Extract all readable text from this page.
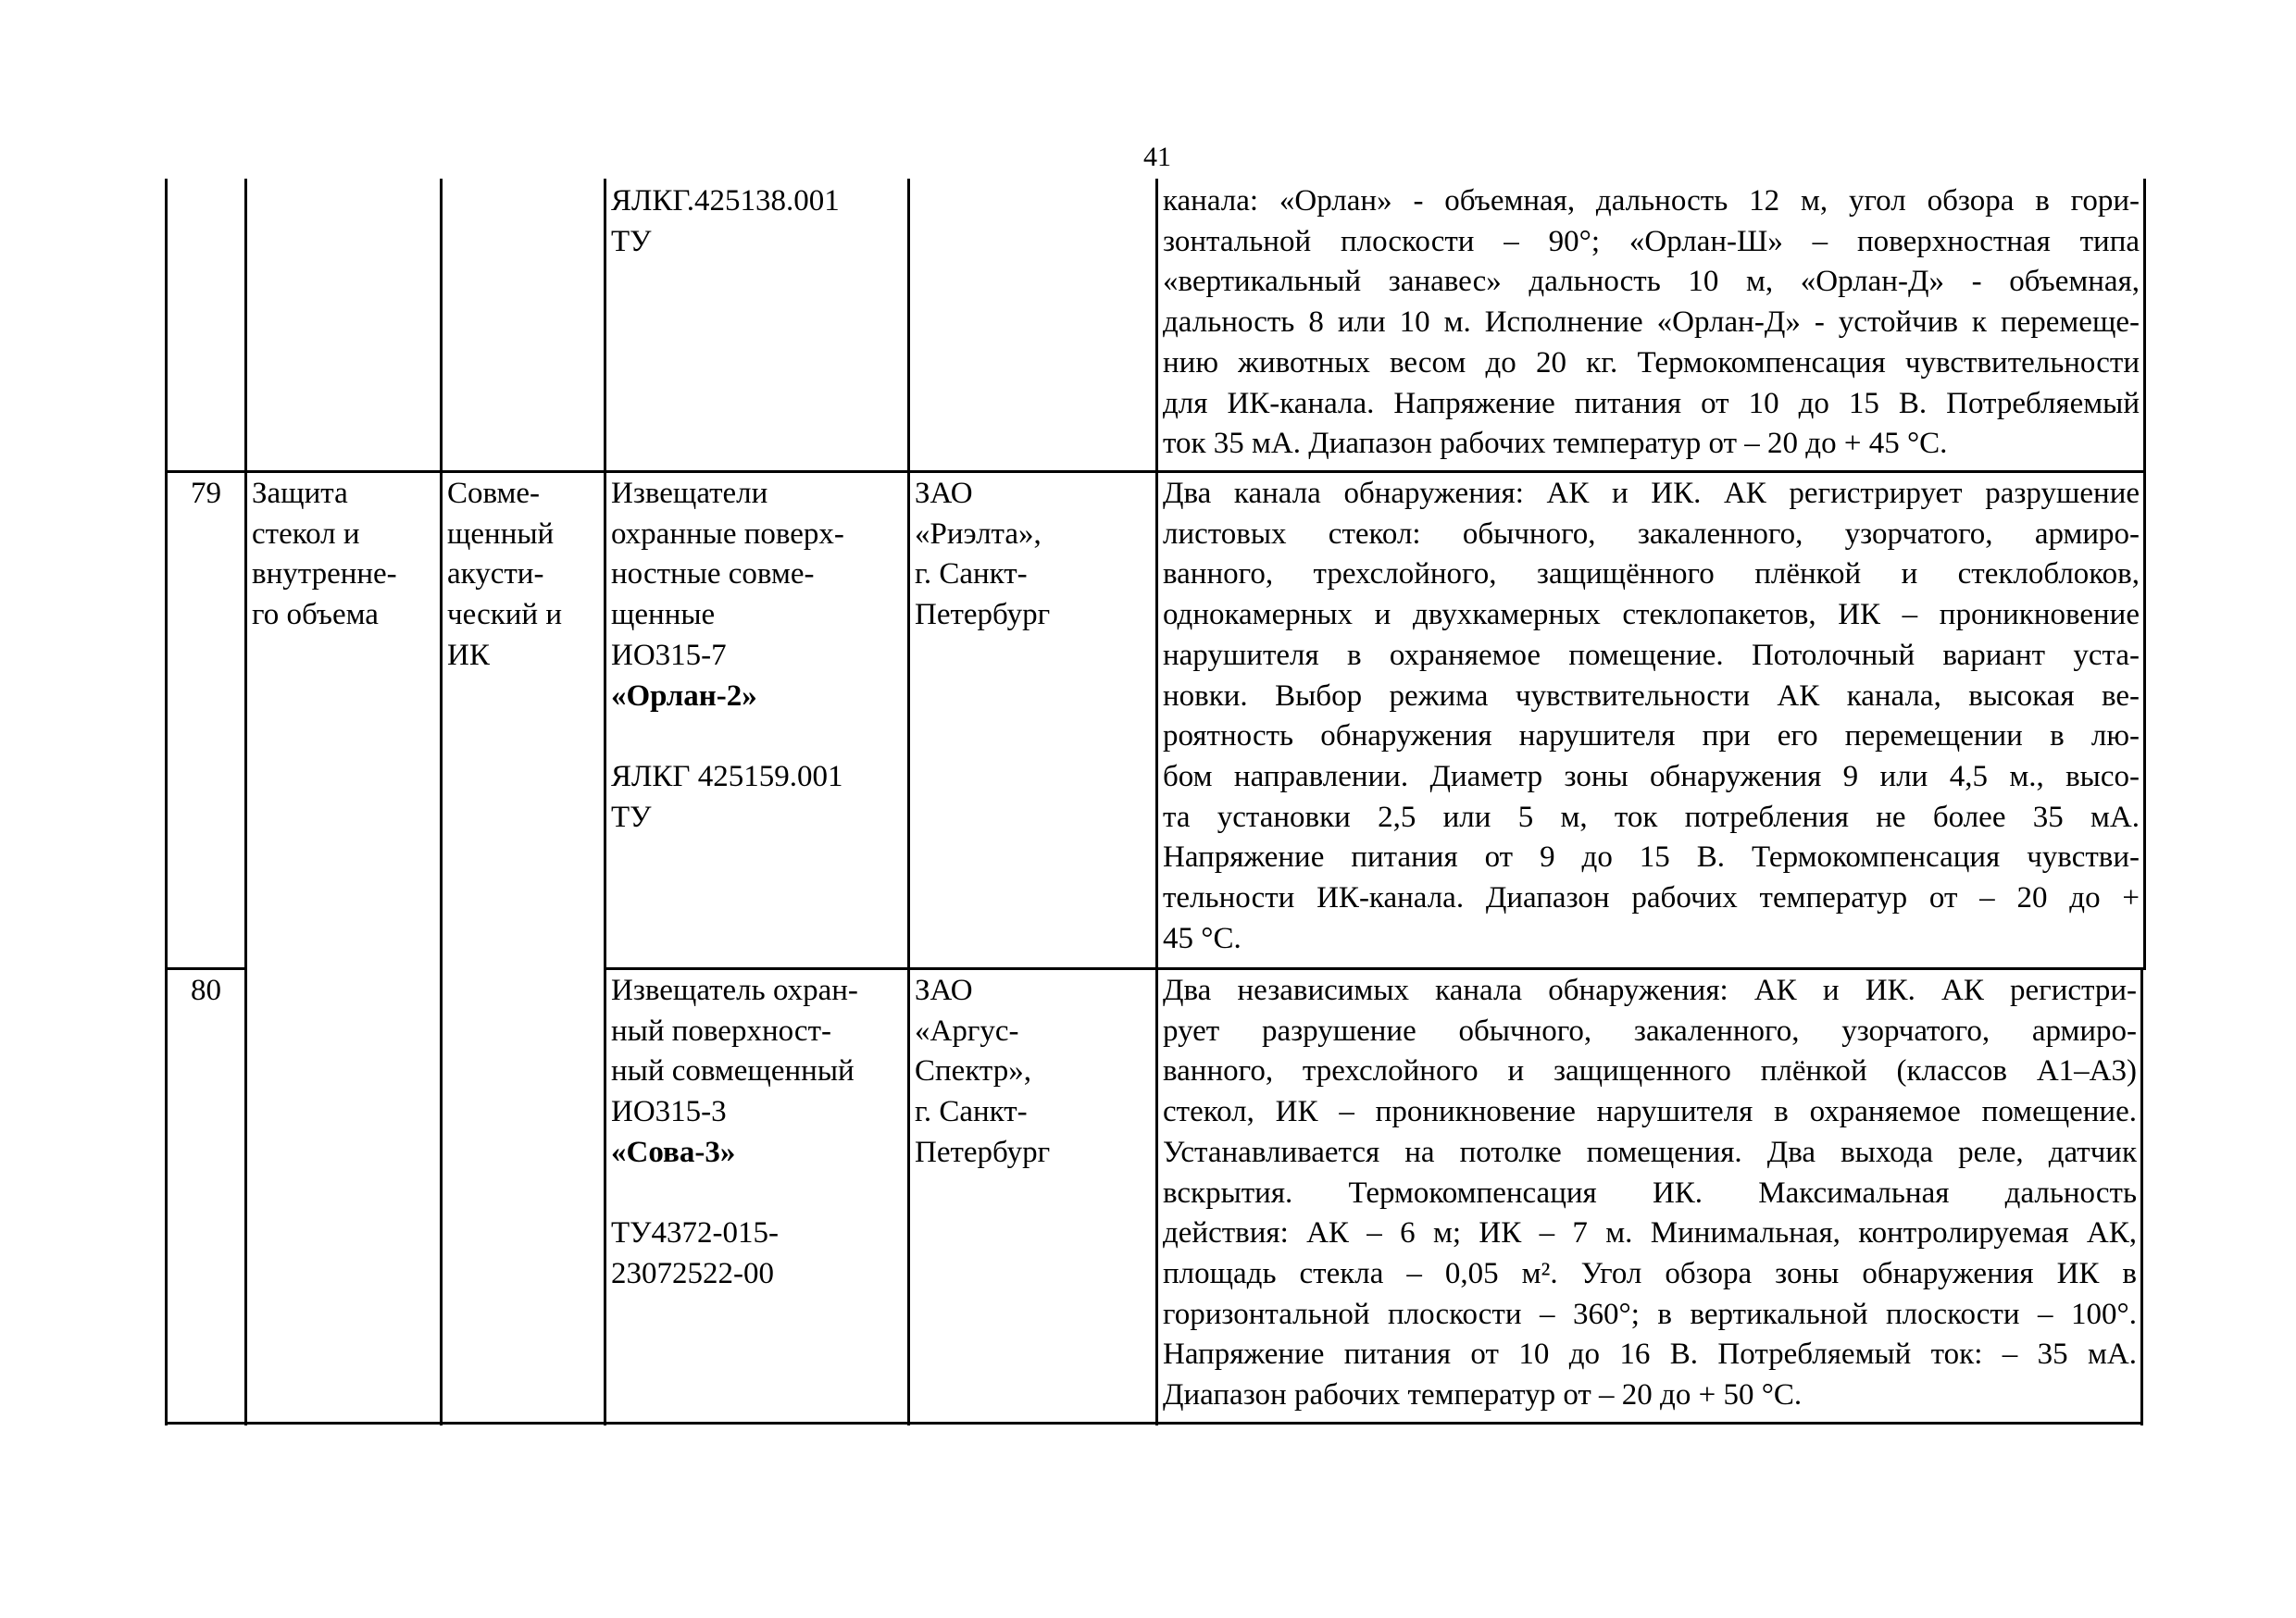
41
ЯЛКГ.425138.001
ТУ
канала: «Орлан» - объемная, дальность 12 м, угол обзора в гори-
зонтальной плоскости – 90°; «Орлан-Ш» – поверхностная типа
«вертикальный занавес» дальность 10 м, «Орлан-Д» - объемная,
дальность 8 или 10 м. Исполнение «Орлан-Д» - устойчив к перемеще-
нию животных весом до 20 кг. Термокомпенсация чувствительности
для ИК-канала. Напряжение питания от 10 до 15 В. Потребляемый
ток 35 мА. Диапазон рабочих температур от – 20 до + 45 °С.
79	Защита
стекол и
внутренне-
го объема
Совме-
щенный
акусти-
ческий и
ИК
Извещатели
охранные поверх-
ностные совме-
щенные
ИО315-7
«Орлан-2»

ЯЛКГ 425159.001
ТУ
ЗАО
«Риэлта»,
г. Санкт-
Петербург
Два канала обнаружения: АК и ИК. АК регистрирует разрушение
листовых стекол: обычного, закаленного, узорчатого, армиро-
ванного, трехслойного, защищённого плёнкой и стеклоблоков,
однокамерных и двухкамерных стеклопакетов, ИК – проникновение
нарушителя в охраняемое помещение. Потолочный вариант уста-
новки. Выбор режима чувствительности АК канала, высокая ве-
роятность обнаружения нарушителя при его перемещении в лю-
бом направлении. Диаметр зоны обнаружения 9 или 4,5 м., высо-
та установки 2,5 или 5 м, ток потребления не более 35 мА.
Напряжение питания от 9 до 15 В. Термокомпенсация чувстви-
тельности ИК-канала. Диапазон рабочих температур от – 20 до +
45 °С.
80	Извещатель охран-
ный поверхност-
ный совмещенный
ИО315-3
«Сова-3»

ТУ4372-015-
23072522-00
ЗАО
«Аргус-
Спектр»,
г. Санкт-
Петербург
Два независимых канала обнаружения: АК и ИК. АК регистри-
рует разрушение обычного, закаленного, узорчатого, армиро-
ванного, трехслойного и защищенного плёнкой (классов А1–А3)
стекол, ИК – проникновение нарушителя в охраняемое помещение.
Устанавливается на потолке помещения. Два выхода реле, датчик
вскрытия. Термокомпенсация ИК. Максимальная дальность
действия: АК – 6 м; ИК – 7 м. Минимальная, контролируемая АК,
площадь стекла – 0,05 м². Угол обзора зоны обнаружения ИК в
горизонтальной плоскости – 360°; в вертикальной плоскости – 100°.
Напряжение питания от 10 до 16 В. Потребляемый ток: – 35 мА.
Диапазон рабочих температур от – 20 до + 50 °С.
